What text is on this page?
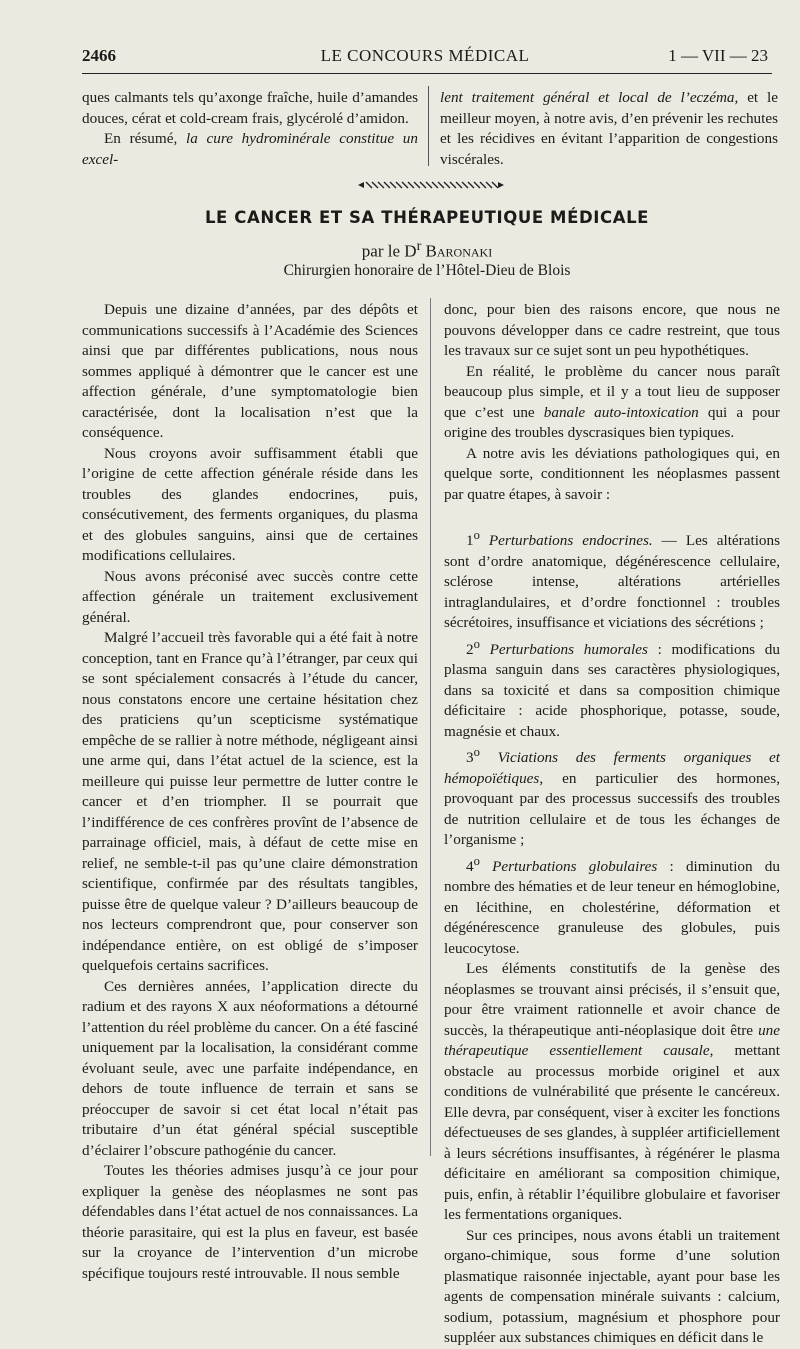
2466	LE CONCOURS MÉDICAL	1 — VII — 23

ques calmants tels qu’axonge fraîche, huile d’amandes douces, cérat et cold-cream frais, glycérolé d’amidon.

En résumé, la cure hydrominérale constitue un excel-

lent traitement général et local de l’eczéma, et le meilleur moyen, à notre avis, d’en prévenir les rechutes et les récidives en évitant l’apparition de congestions viscérales.

LE CANCER ET SA THÉRAPEUTIQUE MÉDICALE
par le $D^r$ Baronaki
Chirurgien honoraire de l’Hôtel-Dieu de Blois

Depuis une dizaine d’années, par des dépôts et communications successifs à l’Académie des Sciences ainsi que par différentes publications, nous nous sommes appliqué à démontrer que le cancer est une affection générale, d’une symptomatologie bien caractérisée, dont la localisation n’est que la conséquence.

Nous croyons avoir suffisamment établi que l’origine de cette affection générale réside dans les troubles des glandes endocrines, puis, consécutivement, des ferments organiques, du plasma et des globules sanguins, ainsi que de certaines modifications cellulaires.

Nous avons préconisé avec succès contre cette affection générale un traitement exclusivement général.

Malgré l’accueil très favorable qui a été fait à notre conception, tant en France qu’à l’étranger, par ceux qui se sont spécialement consacrés à l’étude du cancer, nous constatons encore une certaine hésitation chez des praticiens qu’un scepticisme systématique empêche de se rallier à notre méthode, négligeant ainsi une arme qui, dans l’état actuel de la science, est la meilleure qui puisse leur permettre de lutter contre le cancer et d’en triompher. Il se pourrait que l’indifférence de ces confrères provînt de l’absence de parrainage officiel, mais, à défaut de cette mise en relief, ne semble-t-il pas qu’une claire démonstration scientifique, confirmée par des résultats tangibles, puisse être de quelque valeur ? D’ailleurs beaucoup de nos lecteurs comprendront que, pour conserver son indépendance entière, on est obligé de s’imposer quelquefois certains sacrifices.

Ces dernières années, l’application directe du radium et des rayons X aux néoformations a détourné l’attention du réel problème du cancer. On a été fasciné uniquement par la localisation, la considérant comme évoluant seule, avec une parfaite indépendance, en dehors de toute influence de terrain et sans se préoccuper de savoir si cet état local n’était pas tributaire d’un état général spécial susceptible d’éclairer l’obscure pathogénie du cancer.

Toutes les théories admises jusqu’à ce jour pour expliquer la genèse des néoplasmes ne sont pas défendables dans l’état actuel de nos connaissances. La théorie parasitaire, qui est la plus en faveur, est basée sur la croyance de l’intervention d’un microbe spécifique toujours resté introuvable. Il nous semble

donc, pour bien des raisons encore, que nous ne pouvons développer dans ce cadre restreint, que tous les travaux sur ce sujet sont un peu hypothétiques.

En réalité, le problème du cancer nous paraît beaucoup plus simple, et il y a tout lieu de supposer que c’est une banale auto-intoxication qui a pour origine des troubles dyscrasiques bien typiques.

A notre avis les déviations pathologiques qui, en quelque sorte, conditionnent les néoplasmes passent par quatre étapes, à savoir :

1$^o$ Perturbations endocrines. — Les altérations sont d’ordre anatomique, dégénérescence cellulaire, sclérose intense, altérations artérielles intraglandulaires, et d’ordre fonctionnel : troubles sécrétoires, insuffisance et viciations des sécrétions ;

2$^o$ Perturbations humorales : modifications du plasma sanguin dans ses caractères physiologiques, dans sa toxicité et dans sa composition chimique déficitaire : acide phosphorique, potasse, soude, magnésie et chaux.

3$^o$ Viciations des ferments organiques et hémopoïétiques, en particulier des hormones, provoquant par des processus successifs des troubles de nutrition cellulaire et de tous les échanges de l’organisme ;

4$^o$ Perturbations globulaires : diminution du nombre des hématies et de leur teneur en hémoglobine, en lécithine, en cholestérine, déformation et dégénérescence granuleuse des globules, puis leucocytose.

Les éléments constitutifs de la genèse des néoplasmes se trouvant ainsi précisés, il s’ensuit que, pour être vraiment rationnelle et avoir chance de succès, la thérapeutique anti-néoplasique doit être une thérapeutique essentiellement causale, mettant obstacle au processus morbide originel et aux conditions de vulnérabilité que présente le cancéreux. Elle devra, par conséquent, viser à exciter les fonctions défectueuses de ses glandes, à suppléer artificiellement à leurs sécrétions insuffisantes, à régénérer le plasma déficitaire en améliorant sa composition chimique, puis, enfin, à rétablir l’équilibre globulaire et favoriser les fermentations organiques.

Sur ces principes, nous avons établi un traitement organo-chimique, sous forme d’une solution plasmatique raisonnée injectable, ayant pour base les agents de compensation minérale suivants : calcium, sodium, potassium, magnésium et phosphore pour suppléer aux substances chimiques en déficit dans le
